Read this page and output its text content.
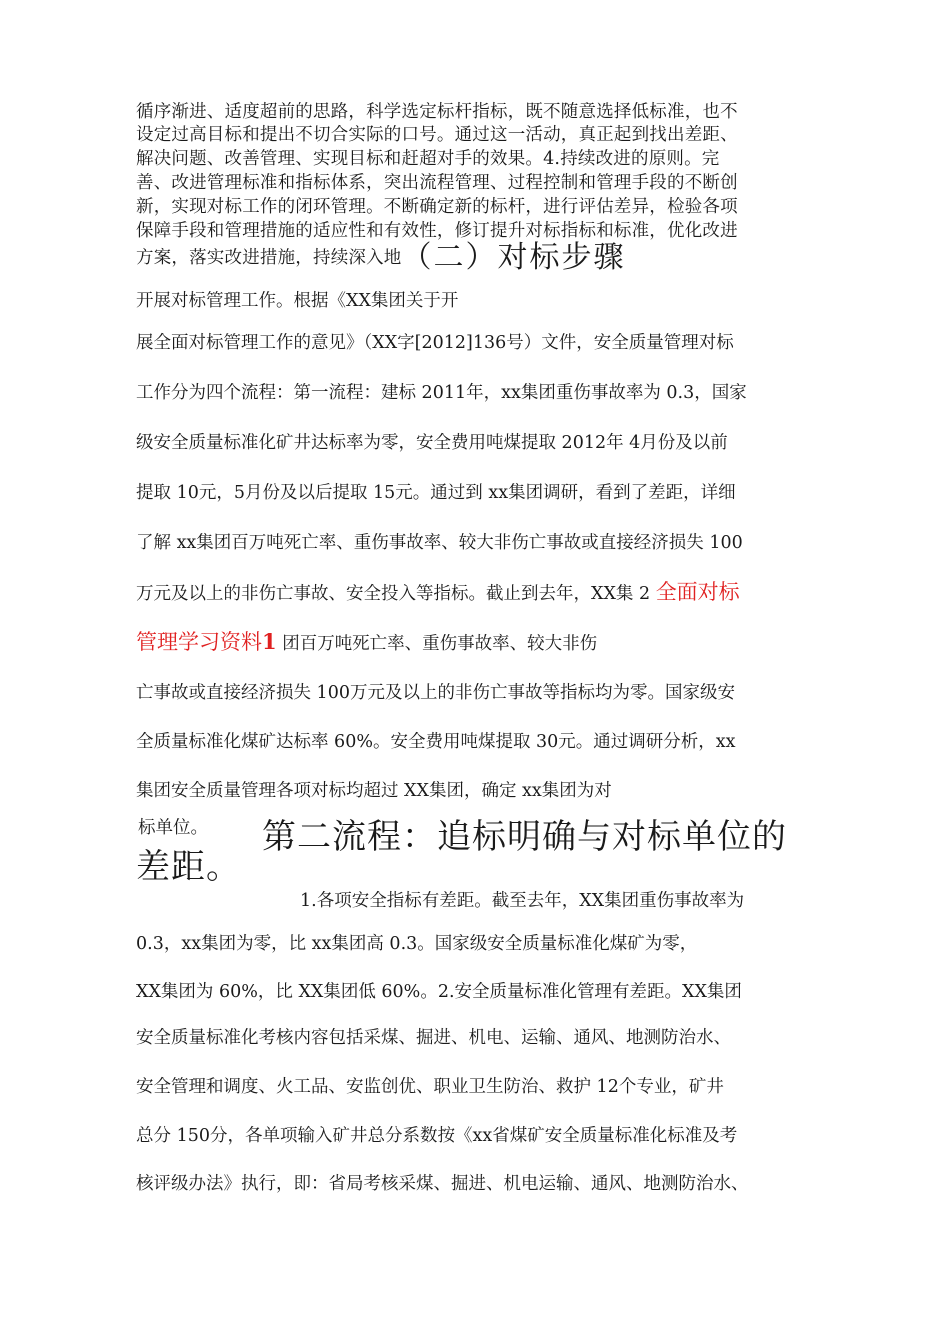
循序渐进、适度超前的思路，科学选定标杆指标，既不随意选择低标准，也不
设定过高目标和提出不切合实际的口号。通过这一活动，真正起到找出差距、
解决问题、改善管理、实现目标和赶超对手的效果。4.持续改进的原则。完
善、改进管理标准和指标体系，突出流程管理、过程控制和管理手段的不断创
新，实现对标工作的闭环管理。不断确定新的标杆，进行评估差异，检验各项
保障手段和管理措施的适应性和有效性，修订提升对标指标和标准，优化改进
方案，落实改进措施，持续深入地（二）对标步骤
开展对标管理工作。根据《XX集团关于开
展全面对标管理工作的意见》（XX字[2012]136号）文件，安全质量管理对标
工作分为四个流程：第一流程：建标 2011年，xx集团重伤事故率为 0.3，国家
级安全质量标准化矿井达标率为零，安全费用吨煤提取 2012年 4月份及以前
提取 10元，5月份及以后提取 15元。通过到 xx集团调研，看到了差距，详细
了解 xx集团百万吨死亡率、重伤事故率、较大非伤亡事故或直接经济损失 100
万元及以上的非伤亡事故、安全投入等指标。截止到去年，XX集 2 全面对标
管理学习资料1 团百万吨死亡率、重伤事故率、较大非伤
亡事故或直接经济损失 100万元及以上的非伤亡事故等指标均为零。国家级安
全质量标准化煤矿达标率 60%。安全费用吨煤提取 30元。通过调研分析，xx
集团安全质量管理各项对标均超过 XX集团，确定 xx集团为对
标单位。 第二流程：追标明确与对标单位的
差距。
1.各项安全指标有差距。截至去年，XX集团重伤事故率为
0.3，xx集团为零，比 xx集团高 0.3。国家级安全质量标准化煤矿为零，
XX集团为 60%，比 XX集团低 60%。2.安全质量标准化管理有差距。XX集团
安全质量标准化考核内容包括采煤、掘进、机电、运输、通风、地测防治水、
安全管理和调度、火工品、安监创优、职业卫生防治、救护 12个专业，矿井
总分 150分，各单项输入矿井总分系数按《xx省煤矿安全质量标准化标准及考
核评级办法》执行，即：省局考核采煤、掘进、机电运输、通风、地测防治水、
